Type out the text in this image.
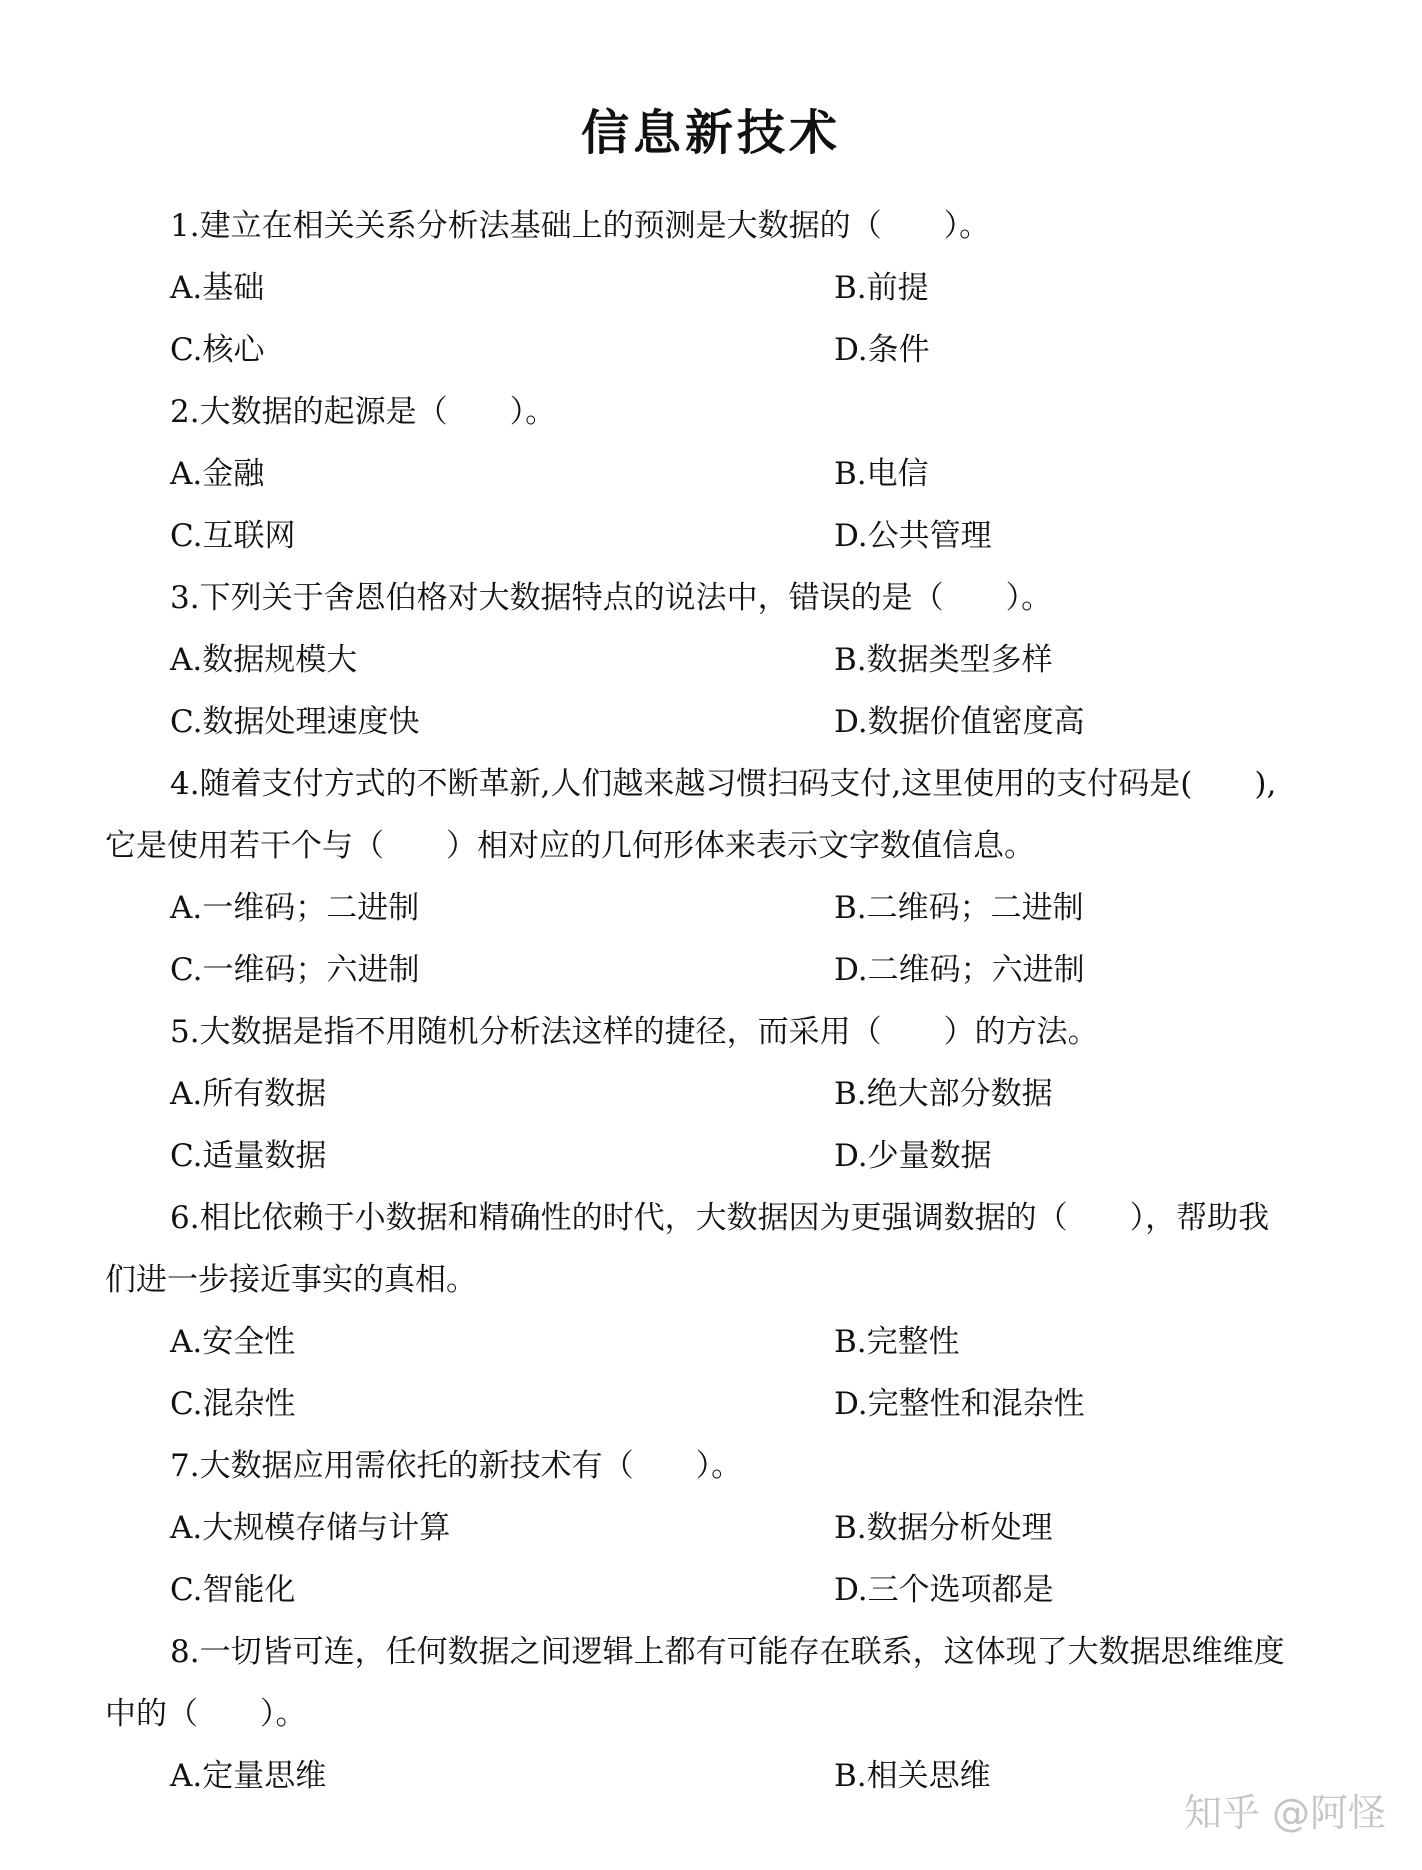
信息新技术
1.建立在相关关系分析法基础上的预测是大数据的（　　）。
A.基础	B.前提
C.核心	D.条件
2.大数据的起源是（　　）。
A.金融	B.电信
C.互联网	D.公共管理
3.下列关于舍恩伯格对大数据特点的说法中，错误的是（　　）。
A.数据规模大	B.数据类型多样
C.数据处理速度快	D.数据价值密度高
4.随着支付方式的不断革新,人们越来越习惯扫码支付,这里使用的支付码是(　　),
它是使用若干个与（　　）相对应的几何形体来表示文字数值信息。
A.一维码；二进制	B.二维码；二进制
C.一维码；六进制	D.二维码；六进制
5.大数据是指不用随机分析法这样的捷径，而采用（　　）的方法。
A.所有数据	B.绝大部分数据
C.适量数据	D.少量数据
6.相比依赖于小数据和精确性的时代，大数据因为更强调数据的（　　），帮助我
们进一步接近事实的真相。
A.安全性	B.完整性
C.混杂性	D.完整性和混杂性
7.大数据应用需依托的新技术有（　　）。
A.大规模存储与计算	B.数据分析处理
C.智能化	D.三个选项都是
8.一切皆可连，任何数据之间逻辑上都有可能存在联系，这体现了大数据思维维度
中的（　　）。
A.定量思维	B.相关思维
知乎 @阿怪
